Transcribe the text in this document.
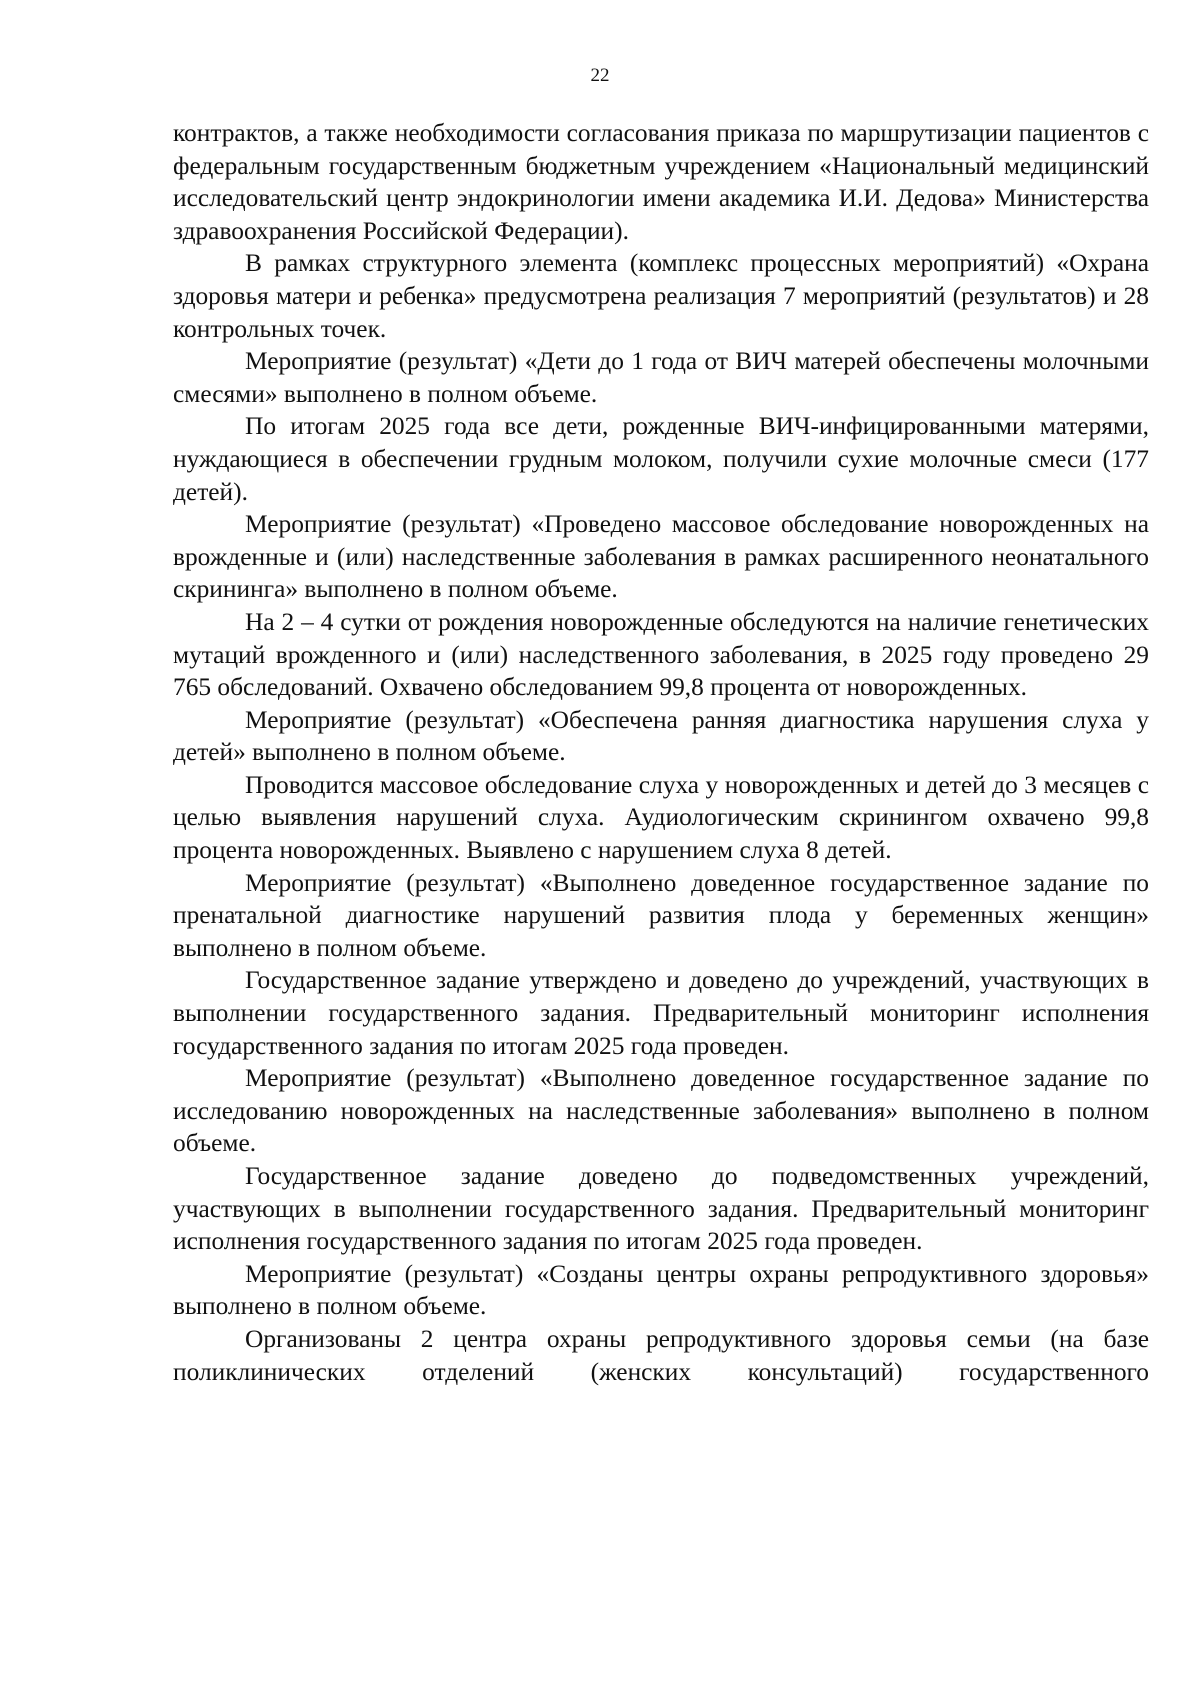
22

контрактов, а также необходимости согласования приказа по маршрутизации пациентов с федеральным государственным бюджетным учреждением «Национальный медицинский исследовательский центр эндокринологии имени академика И.И. Дедова» Министерства здравоохранения Российской Федерации).

В рамках структурного элемента (комплекс процессных мероприятий) «Охрана здоровья матери и ребенка» предусмотрена реализация 7 мероприятий (результатов) и 28 контрольных точек.

Мероприятие (результат) «Дети до 1 года от ВИЧ матерей обеспечены молочными смесями» выполнено в полном объеме.

По итогам 2025 года все дети, рожденные ВИЧ-инфицированными матерями, нуждающиеся в обеспечении грудным молоком, получили сухие молочные смеси (177 детей).

Мероприятие (результат) «Проведено массовое обследование новорожденных на врожденные и (или) наследственные заболевания в рамках расширенного неонатального скрининга» выполнено в полном объеме.

На 2 – 4 сутки от рождения новорожденные обследуются на наличие генетических мутаций врожденного и (или) наследственного заболевания, в 2025 году проведено 29 765 обследований. Охвачено обследованием 99,8 процента от новорожденных.

Мероприятие (результат) «Обеспечена ранняя диагностика нарушения слуха у детей» выполнено в полном объеме.

Проводится массовое обследование слуха у новорожденных и детей до 3 месяцев с целью выявления нарушений слуха. Аудиологическим скринингом охвачено 99,8 процента новорожденных. Выявлено с нарушением слуха 8 детей.

Мероприятие (результат) «Выполнено доведенное государственное задание по пренатальной диагностике нарушений развития плода у беременных женщин» выполнено в полном объеме.

Государственное задание утверждено и доведено до учреждений, участвующих в выполнении государственного задания. Предварительный мониторинг исполнения государственного задания по итогам 2025 года проведен.

Мероприятие (результат) «Выполнено доведенное государственное задание по исследованию новорожденных на наследственные заболевания» выполнено в полном объеме.

Государственное задание доведено до подведомственных учреждений, участвующих в выполнении государственного задания. Предварительный мониторинг исполнения государственного задания по итогам 2025 года проведен.

Мероприятие (результат) «Созданы центры охраны репродуктивного здоровья» выполнено в полном объеме.

Организованы 2 центра охраны репродуктивного здоровья семьи (на базе поликлинических отделений (женских консультаций) государственного
